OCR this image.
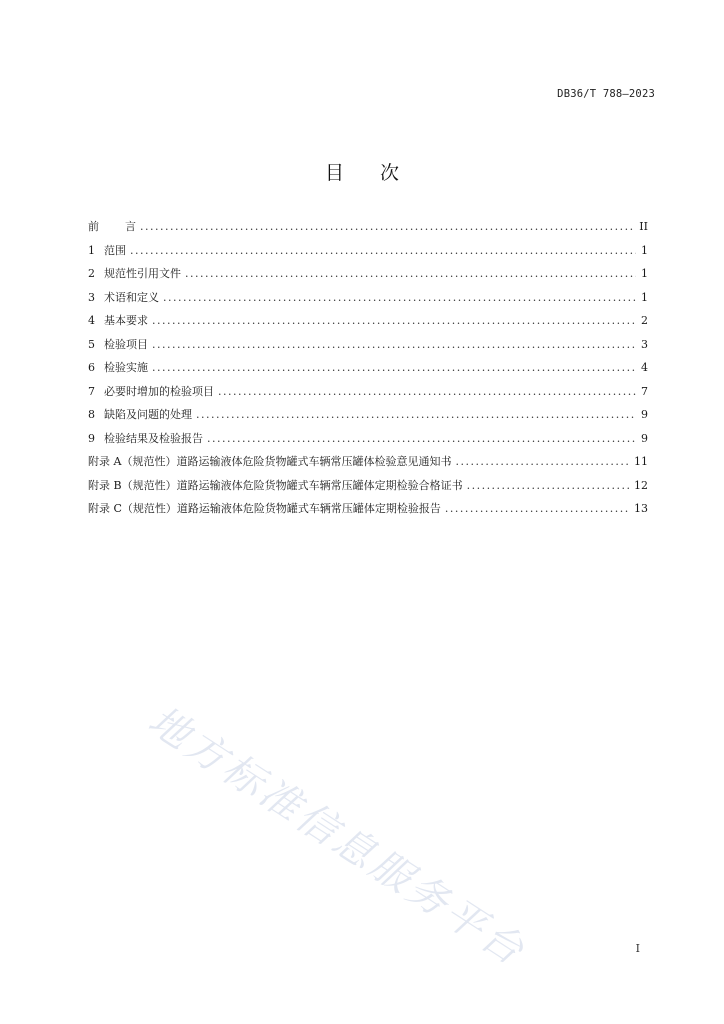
DB36/T 788—2023
目次
前 言 .....	II
1 范围 .....	1
2 规范性引用文件 .....	1
3 术语和定义 .....	1
4 基本要求 .....	2
5 检验项目 .....	3
6 检验实施 .....	4
7 必要时增加的检验项目 .....	7
8 缺陷及问题的处理 .....	9
9 检验结果及检验报告 .....	9
附录 A（规范性）道路运输液体危险货物罐式车辆常压罐体检验意见通知书 .....	11
附录 B（规范性）道路运输液体危险货物罐式车辆常压罐体定期检验合格证书 .....	12
附录 C（规范性）道路运输液体危险货物罐式车辆常压罐体定期检验报告 .....	13
地方标准信息服务平台	I
